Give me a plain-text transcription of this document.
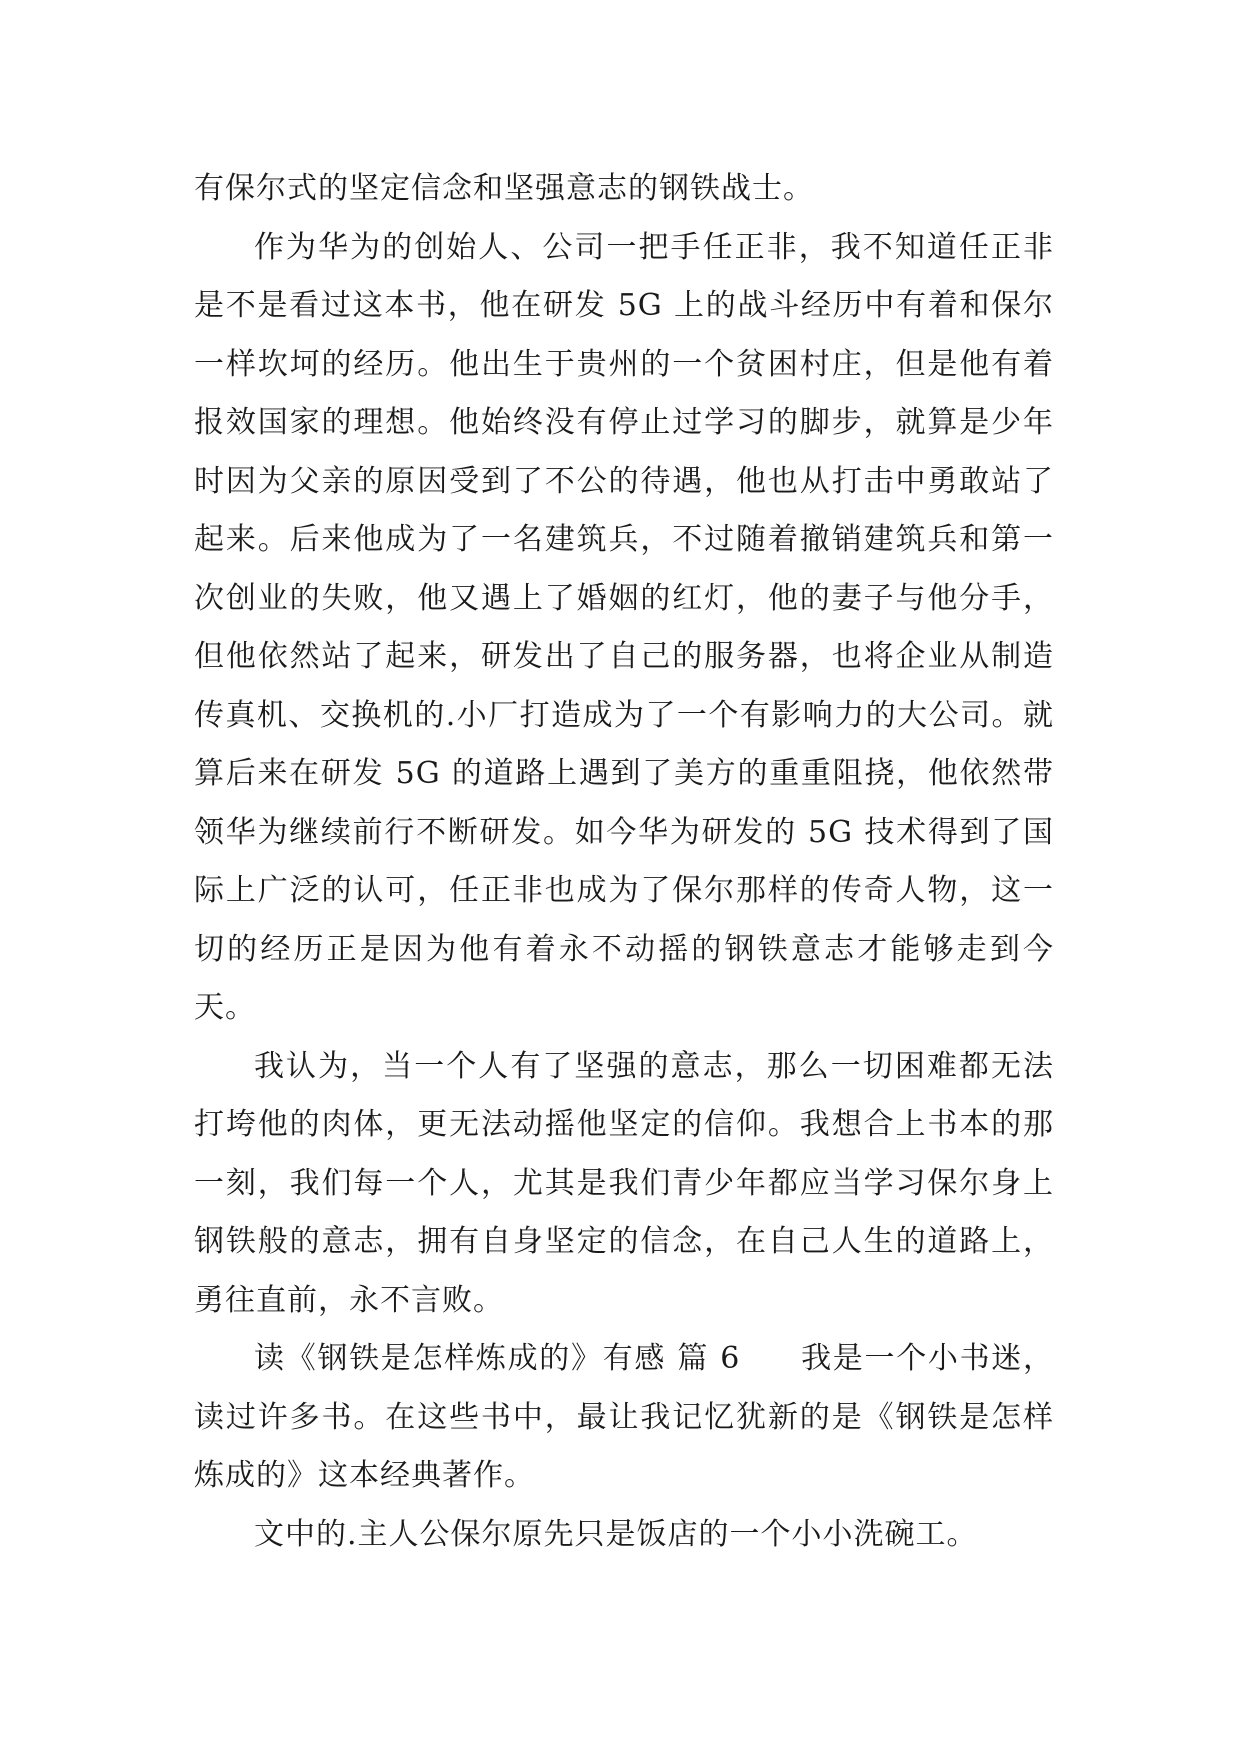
有保尔式的坚定信念和坚强意志的钢铁战士。

作为华为的创始人、公司一把手任正非，我不知道任正非是不是看过这本书，他在研发 5G 上的战斗经历中有着和保尔一样坎坷的经历。他出生于贵州的一个贫困村庄，但是他有着报效国家的理想。他始终没有停止过学习的脚步，就算是少年时因为父亲的原因受到了不公的待遇，他也从打击中勇敢站了起来。后来他成为了一名建筑兵，不过随着撤销建筑兵和第一次创业的失败，他又遇上了婚姻的红灯，他的妻子与他分手，但他依然站了起来，研发出了自己的服务器，也将企业从制造传真机、交换机的.小厂打造成为了一个有影响力的大公司。就算后来在研发 5G 的道路上遇到了美方的重重阻挠，他依然带领华为继续前行不断研发。如今华为研发的 5G 技术得到了国际上广泛的认可，任正非也成为了保尔那样的传奇人物，这一切的经历正是因为他有着永不动摇的钢铁意志才能够走到今天。

我认为，当一个人有了坚强的意志，那么一切困难都无法打垮他的肉体，更无法动摇他坚定的信仰。我想合上书本的那一刻，我们每一个人，尤其是我们青少年都应当学习保尔身上钢铁般的意志，拥有自身坚定的信念，在自己人生的道路上，勇往直前，永不言败。

读《钢铁是怎样炼成的》有感 篇 6 我是一个小书迷，读过许多书。在这些书中，最让我记忆犹新的是《钢铁是怎样炼成的》这本经典著作。

文中的.主人公保尔原先只是饭店的一个小小洗碗工。
